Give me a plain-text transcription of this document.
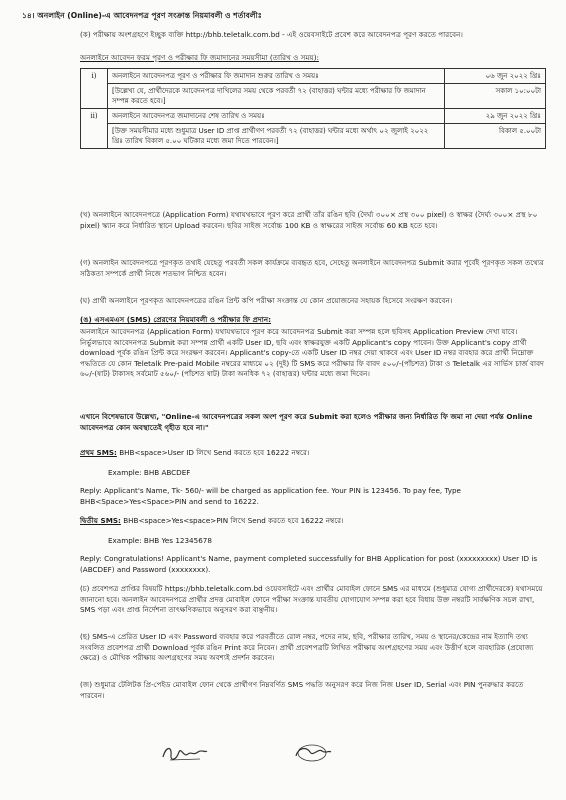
১৪। অনলাইন (Online)-এ আবেদনপত্র পূরণ সংক্রান্ত নিয়মাবলী ও শর্তাবলীঃ
(ক) পরীক্ষায় অংশগ্রহণে ইচ্ছুক ব্যক্তি http://bhb.teletalk.com.bd - এই ওয়েবসাইটে প্রবেশ করে আবেদনপত্র পূরণ করতে পারবেন।
অনলাইনে আবেদন ফরম পূরণ ও পরীক্ষার ফি জমাদানের সময়সীমা (তারিখ ও সময়):
i)	অনলাইনে আবেদনপত্র পূরণ ও পরীক্ষার ফি জমাদান শুরুর তারিখ ও সময়ঃ	০৬ জুন ২০২২ খ্রিঃ
	[উল্লেখ্য যে, প্রার্থীদেরকে আবেদনপত্র দাখিলের সময় থেকে পরবর্তী ৭২ (বাহাত্তর) ঘন্টার মধ্যে পরীক্ষার ফি জমাদান সম্পন্ন করতে হবে।]	সকাল ১০:০০টা
ii)	অনলাইনে আবেদনপত্র জমাদানের শেষ তারিখ ও সময়ঃ	২৯ জুন ২০২২ খ্রিঃ
	[উক্ত সময়সীমার মধ্যে শুধুমাত্র User ID প্রাপ্ত প্রার্থীগণ পরবর্তী ৭২ (বাহাত্তর) ঘন্টার মধ্যে অর্থাৎ ০২ জুলাই ২০২২ খ্রিঃ তারিখ বিকাল ৫.০০ ঘটিকার মধ্যে জমা দিতে পারবেন।]	বিকাল ৫.০০টা
(খ) অনলাইনে আবেদনপত্রে (Application Form) যথাযথভাবে পূরণ করে প্রার্থী তাঁর রঙিন ছবি (দৈর্ঘ্য ৩০০× প্রস্থ ৩০০ pixel) ও স্বাক্ষর (দৈর্ঘ্য ৩০০× প্রস্থ ৮০ pixel) স্ক্যান করে নির্ধারিত স্থানে Upload করবেন। ছবির সাইজ সর্বোচ্চ 100 KB ও স্বাক্ষরের সাইজ সর্বোচ্চ 60 KB হতে হবে।
(গ) অনলাইন আবেদনপত্রে পূরণকৃত তথ্যই যেহেতু পরবর্তী সকল কার্যক্রমে ব্যবহৃত হবে, সেহেতু অনলাইনে আবেদনপত্র Submit করার পূর্বেই পূরণকৃত সকল তথ্যের সঠিকতা সম্পর্কে প্রার্থী নিজে শতভাগ নিশ্চিত হবেন।
(ঘ) প্রার্থী অনলাইনে পূরণকৃত আবেদনপত্রের রঙিন প্রিন্ট কপি পরীক্ষা সংক্রান্ত যে কোন প্রয়োজনের সহায়ক হিসেবে সংরক্ষণ করবেন।
(ঙ) এসএমএস (SMS) প্রেরণের নিয়মাবলী ও পরীক্ষার ফি প্রদান:
অনলাইনে আবেদনপত্র (Application Form) যথাযথভাবে পূরণ করে আবেদনপত্র Submit করা সম্পন্ন হলে ছবিসহ Application Preview দেখা যাবে। নির্ভুলভাবে আবেদনপত্র Submit করা সম্পন্ন প্রার্থী একটি User ID, ছবি এবং স্বাক্ষরযুক্ত একটি Applicant's copy পাবেন। উক্ত Applicant's copy প্রার্থী download পূর্বক রঙিন প্রিন্ট করে সংরক্ষণ করবেন। Applicant's copy-তে একটি User ID নম্বর দেয়া থাকবে এবং User ID নম্বর ব্যবহার করে প্রার্থী নিম্নোক্ত পদ্ধতিতে যে কোন Teletalk Pre-paid Mobile নম্বরের মাধ্যমে ০২ (দুই) টি SMS করে পরীক্ষার ফি বাবদ ৫০০/-(পাঁচশত) টাকা ও Teletalk এর সার্ভিস চার্জ বাবদ ৬০/-(ষাট) টাকাসহ সর্বমোট ৫৬০/- (পাঁচশত ষাট) টাকা অনধিক ৭২ (বাহাত্তর) ঘন্টার মধ্যে জমা দিবেন।
এখানে বিশেষভাবে উল্লেখ্য, "Online-এ আবেদনপত্রের সকল অংশ পূরণ করে Submit করা হলেও পরীক্ষার জন্য নির্ধারিত ফি জমা না দেয়া পর্যন্ত Online আবেদনপত্র কোন অবস্থাতেই গৃহীত হবে না।"
প্রথম SMS: BHB<space>User ID লিখে Send করতে হবে 16222 নম্বরে।
Example: BHB ABCDEF
Reply: Applicant's Name, Tk- 560/- will be charged as application fee. Your PIN is 123456. To pay fee, Type BHB<Space>Yes<Space>PIN and send to 16222.
দ্বিতীয় SMS: BHB<space>Yes<space>PIN লিখে Send করতে হবে 16222 নম্বরে।
Example: BHB Yes 12345678
Reply: Congratulations! Applicant's Name, payment completed successfully for BHB Application for post (xxxxxxxxx) User ID is (ABCDEF) and Password (xxxxxxxx).
(চ) প্রবেশপত্র প্রাপ্তির বিষয়টি https://bhb.teletalk.com.bd ওয়েবসাইটে এবং প্রার্থীর মোবাইল ফোনে SMS এর মাধ্যমে (শুধুমাত্র যোগ্য প্রার্থীদেরকে) যথাসময়ে জানানো হবে। অনলাইন আবেদনপত্রে প্রার্থীর প্রদত্ত মোবাইল ফোনে পরীক্ষা সংক্রান্ত যাবতীয় যোগাযোগ সম্পন্ন করা হবে বিধায় উক্ত নম্বরটি সার্বক্ষণিক সচল রাখা, SMS পড়া এবং প্রাপ্ত নির্দেশনা তাৎক্ষণিকভাবে অনুসরণ করা বাঞ্ছনীয়।
(ছ) SMS-এ প্রেরিত User ID এবং Password ব্যবহার করে পরবর্তীতে রোল নম্বর, পদের নাম, ছবি, পরীক্ষার তারিখ, সময় ও স্থানের/কেন্দ্রের নাম ইত্যাদি তথ্য সংবলিত প্রবেশপত্র প্রার্থী Download পূর্বক রঙিন Print করে নিবেন। প্রার্থী প্রবেশপত্রটি লিখিত পরীক্ষায় অংশগ্রহণের সময় এবং উত্তীর্ণ হলে ব্যবহারিক (প্রযোজ্য ক্ষেত্রে) ও মৌখিক পরীক্ষায় অংশগ্রহণের সময় অবশ্যই প্রদর্শন করবেন।
(জ) শুধুমাত্র টেলিটক প্রি-পেইড মোবাইল ফোন থেকে প্রার্থীগণ নিম্নবর্ণিত SMS পদ্ধতি অনুসরণ করে নিজ নিজ User ID, Serial এবং PIN পুনরুদ্ধার করতে পারবেন।
